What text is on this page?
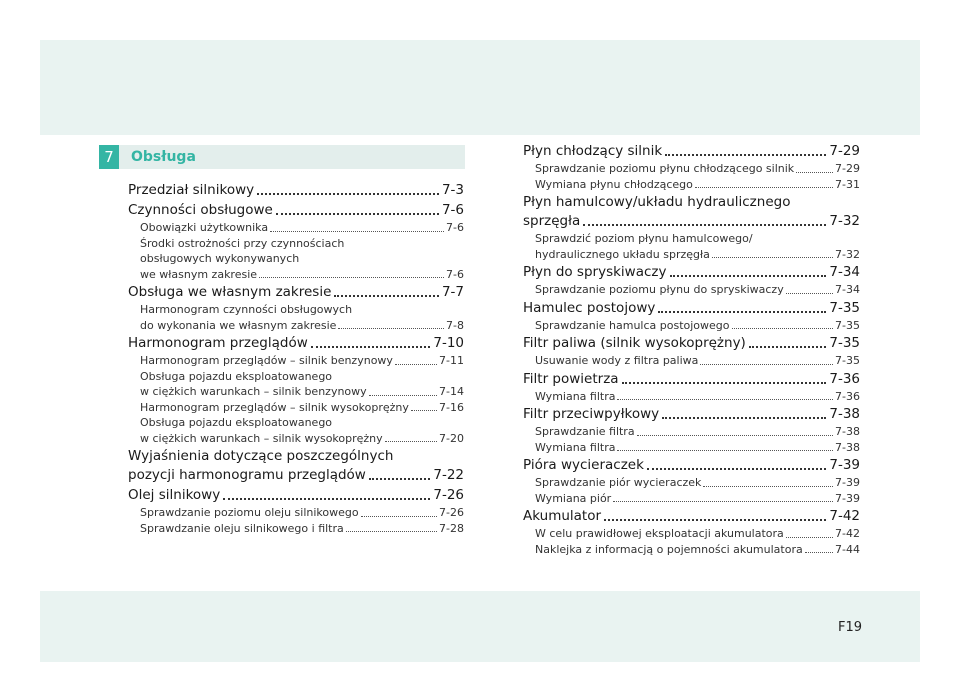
7	Obsługa
Przedział silnikowy	7-3
Czynności obsługowe	7-6
Obowiązki użytkownika	7-6
Środki ostrożności przy czynnościach
obsługowych wykonywanych
we własnym zakresie	7-6
Obsługa we własnym zakresie	7-7
Harmonogram czynności obsługowych
do wykonania we własnym zakresie	7-8
Harmonogram przeglądów	7-10
Harmonogram przeglądów – silnik benzynowy	7-11
Obsługa pojazdu eksploatowanego
w ciężkich warunkach – silnik benzynowy	7-14
Harmonogram przeglądów – silnik wysokoprężny	7-16
Obsługa pojazdu eksploatowanego
w ciężkich warunkach – silnik wysokoprężny	7-20
Wyjaśnienia dotyczące poszczególnych
pozycji harmonogramu przeglądów	7-22
Olej silnikowy	7-26
Sprawdzanie poziomu oleju silnikowego	7-26
Sprawdzanie oleju silnikowego i filtra	7-28
Płyn chłodzący silnik	7-29
Sprawdzanie poziomu płynu chłodzącego silnik	7-29
Wymiana płynu chłodzącego	7-31
Płyn hamulcowy/układu hydraulicznego
sprzęgła	7-32
Sprawdzić poziom płynu hamulcowego/
hydraulicznego układu sprzęgła	7-32
Płyn do spryskiwaczy	7-34
Sprawdzanie poziomu płynu do spryskiwaczy	7-34
Hamulec postojowy	7-35
Sprawdzanie hamulca postojowego	7-35
Filtr paliwa (silnik wysokoprężny)	7-35
Usuwanie wody z filtra paliwa	7-35
Filtr powietrza	7-36
Wymiana filtra	7-36
Filtr przeciwpyłkowy	7-38
Sprawdzanie filtra	7-38
Wymiana filtra	7-38
Pióra wycieraczek	7-39
Sprawdzanie piór wycieraczek	7-39
Wymiana piór	7-39
Akumulator	7-42
W celu prawidłowej eksploatacji akumulatora	7-42
Naklejka z informacją o pojemności akumulatora	7-44
F19
